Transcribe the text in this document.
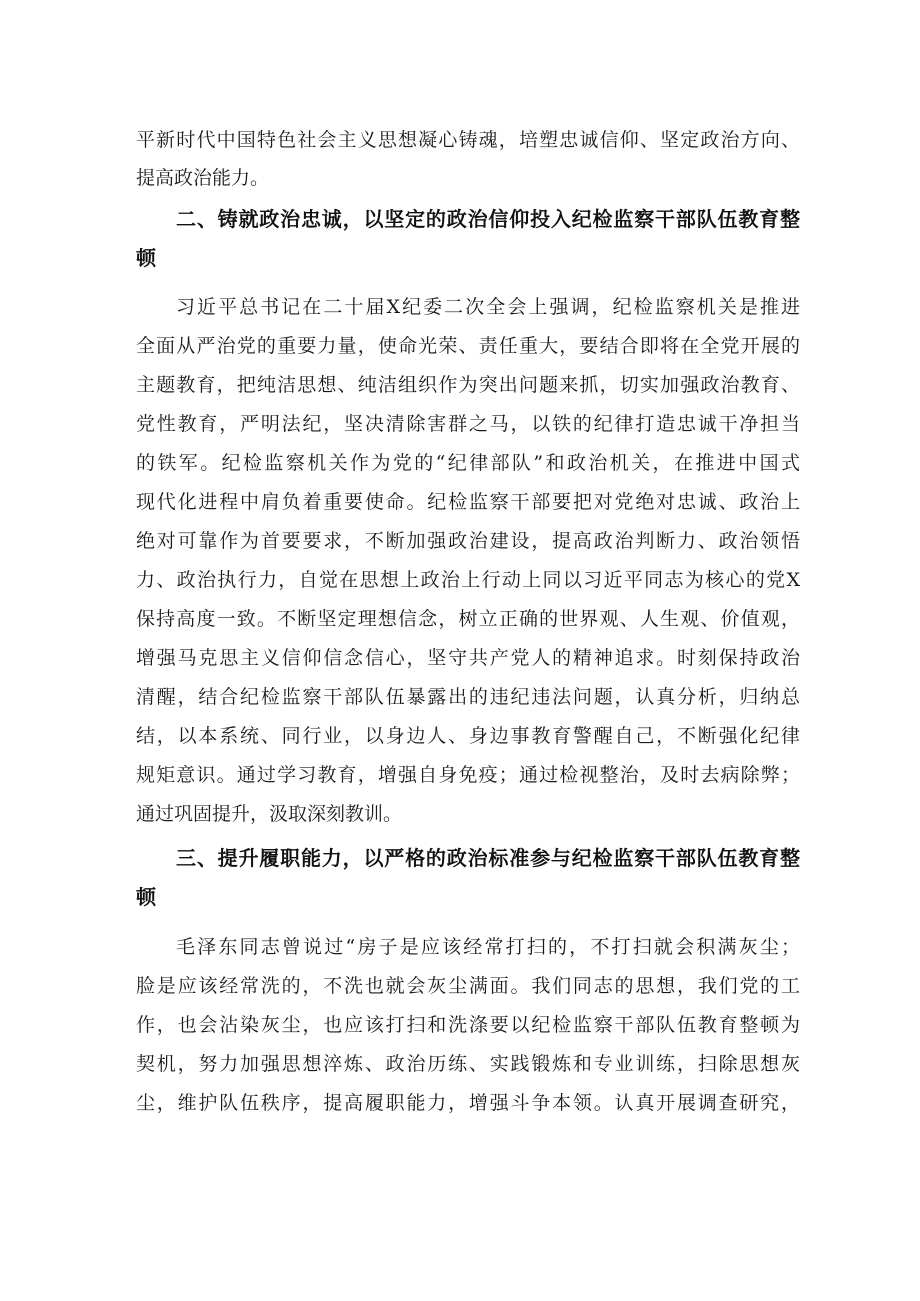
平新时代中国特色社会主义思想凝心铸魂，培塑忠诚信仰、坚定政治方向、
提高政治能力。
二、铸就政治忠诚，以坚定的政治信仰投入纪检监察干部队伍教育整
顿
习近平总书记在二十届X纪委二次全会上强调，纪检监察机关是推进
全面从严治党的重要力量，使命光荣、责任重大，要结合即将在全党开展的
主题教育，把纯洁思想、纯洁组织作为突出问题来抓，切实加强政治教育、
党性教育，严明法纪，坚决清除害群之马，以铁的纪律打造忠诚干净担当
的铁军。纪检监察机关作为党的“纪律部队”和政治机关，在推进中国式
现代化进程中肩负着重要使命。纪检监察干部要把对党绝对忠诚、政治上
绝对可靠作为首要要求，不断加强政治建设，提高政治判断力、政治领悟
力、政治执行力，自觉在思想上政治上行动上同以习近平同志为核心的党X
保持高度一致。不断坚定理想信念，树立正确的世界观、人生观、价值观，
增强马克思主义信仰信念信心，坚守共产党人的精神追求。时刻保持政治
清醒，结合纪检监察干部队伍暴露出的违纪违法问题，认真分析，归纳总
结，以本系统、同行业，以身边人、身边事教育警醒自己，不断强化纪律
规矩意识。通过学习教育，增强自身免疫；通过检视整治，及时去病除弊；
通过巩固提升，汲取深刻教训。
三、提升履职能力，以严格的政治标准参与纪检监察干部队伍教育整
顿
毛泽东同志曾说过“房子是应该经常打扫的，不打扫就会积满灰尘；
脸是应该经常洗的，不洗也就会灰尘满面。我们同志的思想，我们党的工
作，也会沾染灰尘，也应该打扫和洗涤要以纪检监察干部队伍教育整顿为
契机，努力加强思想淬炼、政治历练、实践锻炼和专业训练，扫除思想灰
尘，维护队伍秩序，提高履职能力，增强斗争本领。认真开展调查研究，
